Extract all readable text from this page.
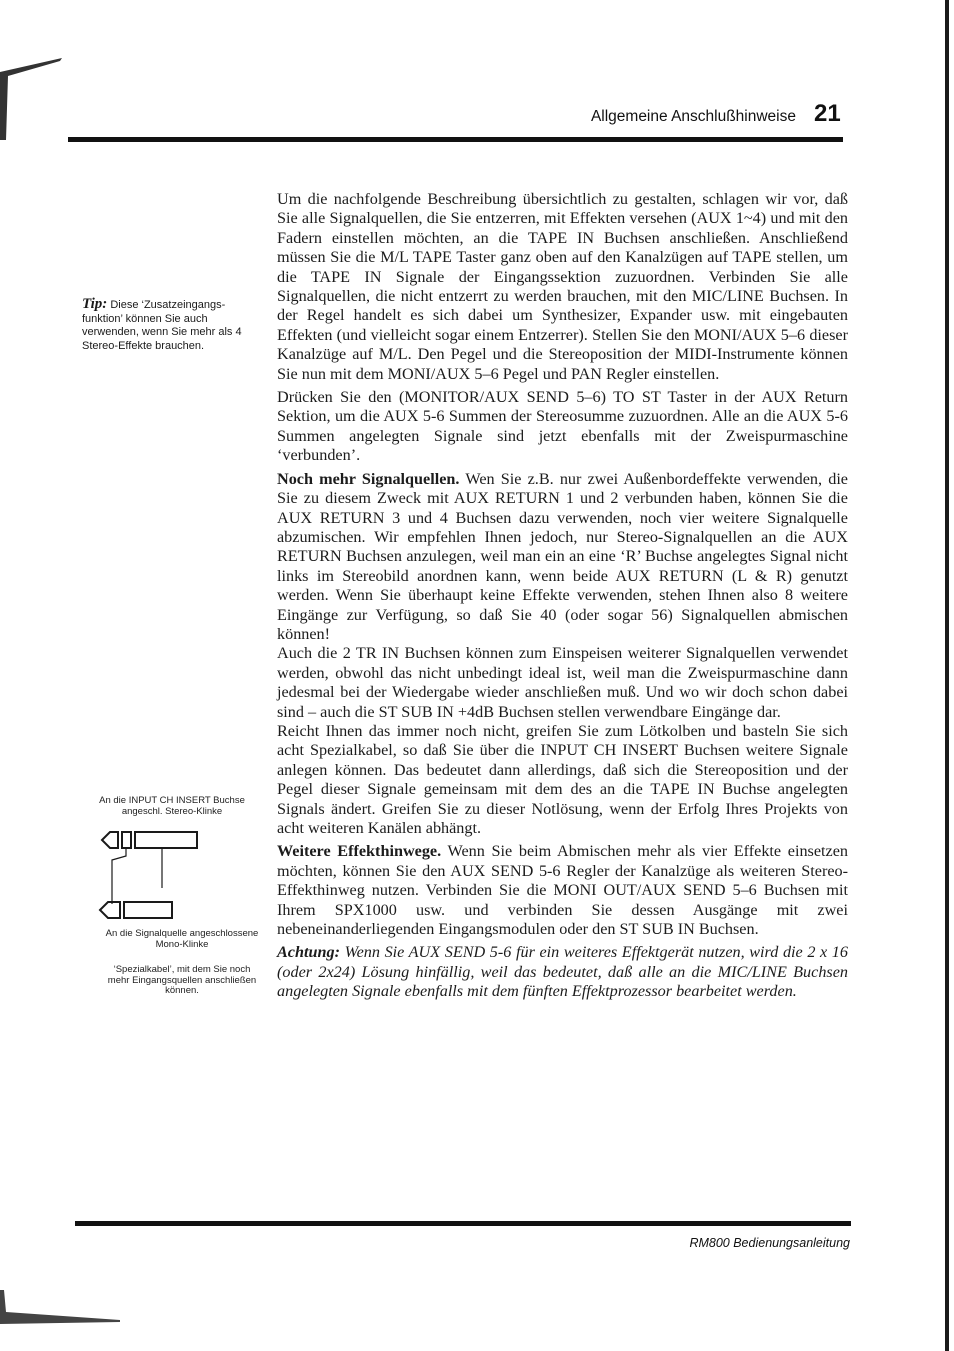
Allgemeine Anschlußhinweise 21
Tip: Diese ‘Zusatzeingangs-funktion’ können Sie auch verwenden, wenn Sie mehr als 4 Stereo-Effekte brauchen.
An die INPUT CH INSERT Buchse angeschl. Stereo-Klinke
An die Signalquelle angeschlossene Mono-Klinke
‘Spezialkabel’, mit dem Sie noch mehr Eingangsquellen anschließen können.

Um die nachfolgende Beschreibung übersichtlich zu gestalten, schlagen wir vor, daß Sie alle Signalquellen, die Sie entzerren, mit Effekten versehen (AUX 1~4) und mit den Fadern einstellen möchten, an die TAPE IN Buchsen anschließen. Anschließend müssen Sie die M/L TAPE Taster ganz oben auf den Kanalzügen auf TAPE stellen, um die TAPE IN Signale der Eingangssektion zuzuordnen. Verbinden Sie alle Signalquellen, die nicht entzerrt zu werden brauchen, mit den MIC/LINE Buchsen. In der Regel handelt es sich dabei um Synthesizer, Expander usw. mit eingebauten Effekten (und vielleicht sogar einem Entzerrer). Stellen Sie den MONI/AUX 5–6 dieser Kanalzüge auf M/L. Den Pegel und die Stereoposition der MIDI-Instrumente können Sie nun mit dem MONI/AUX 5–6 Pegel und PAN Regler einstellen.

Drücken Sie den (MONITOR/AUX SEND 5–6) TO ST Taster in der AUX Return Sektion, um die AUX 5-6 Summen der Stereosumme zuzuordnen. Alle an die AUX 5-6 Summen angelegten Signale sind jetzt ebenfalls mit der Zweispurmaschine ‘verbunden’.

Noch mehr Signalquellen. Wen Sie z.B. nur zwei Außenbordeffekte verwenden, die Sie zu diesem Zweck mit AUX RETURN 1 und 2 verbunden haben, können Sie die AUX RETURN 3 und 4 Buchsen dazu verwenden, noch vier weitere Signalquelle abzumischen. Wir empfehlen Ihnen jedoch, nur Stereo-Signalquellen an die AUX RETURN Buchsen anzulegen, weil man ein an eine ‘R’ Buchse angelegtes Signal nicht links im Stereobild anordnen kann, wenn beide AUX RETURN (L & R) genutzt werden. Wenn Sie überhaupt keine Effekte verwenden, stehen Ihnen also 8 weitere Eingänge zur Verfügung, so daß Sie 40 (oder sogar 56) Signalquellen abmischen können!

Auch die 2 TR IN Buchsen können zum Einspeisen weiterer Signalquellen verwendet werden, obwohl das nicht unbedingt ideal ist, weil man die Zweispurmaschine dann jedesmal bei der Wiedergabe wieder anschließen muß. Und wo wir doch schon dabei sind – auch die ST SUB IN +4dB Buchsen stellen verwendbare Eingänge dar.

Reicht Ihnen das immer noch nicht, greifen Sie zum Lötkolben und basteln Sie sich acht Spezialkabel, so daß Sie über die INPUT CH INSERT Buchsen weitere Signale anlegen können. Das bedeutet dann allerdings, daß sich die Stereoposition und der Pegel dieser Signale gemeinsam mit dem des an die TAPE IN Buchse angelegten Signals ändert. Greifen Sie zu dieser Notlösung, wenn der Erfolg Ihres Projekts von acht weiteren Kanälen abhängt.

Weitere Effekthinwege. Wenn Sie beim Abmischen mehr als vier Effekte einsetzen möchten, können Sie den AUX SEND 5-6 Regler der Kanalzüge als weiteren Stereo-Effekthinweg nutzen. Verbinden Sie die MONI OUT/AUX SEND 5–6 Buchsen mit Ihrem SPX1000 usw. und verbinden Sie dessen Ausgänge mit zwei nebeneinanderliegenden Eingangsmodulen oder den ST SUB IN Buchsen.

Achtung: Wenn Sie AUX SEND 5-6 für ein weiteres Effektgerät nutzen, wird die 2 x 16 (oder 2x24) Lösung hinfällig, weil das bedeutet, daß alle an die MIC/LINE Buchsen angelegten Signale ebenfalls mit dem fünften Effektprozessor bearbeitet werden.

RM800 Bedienungsanleitung
